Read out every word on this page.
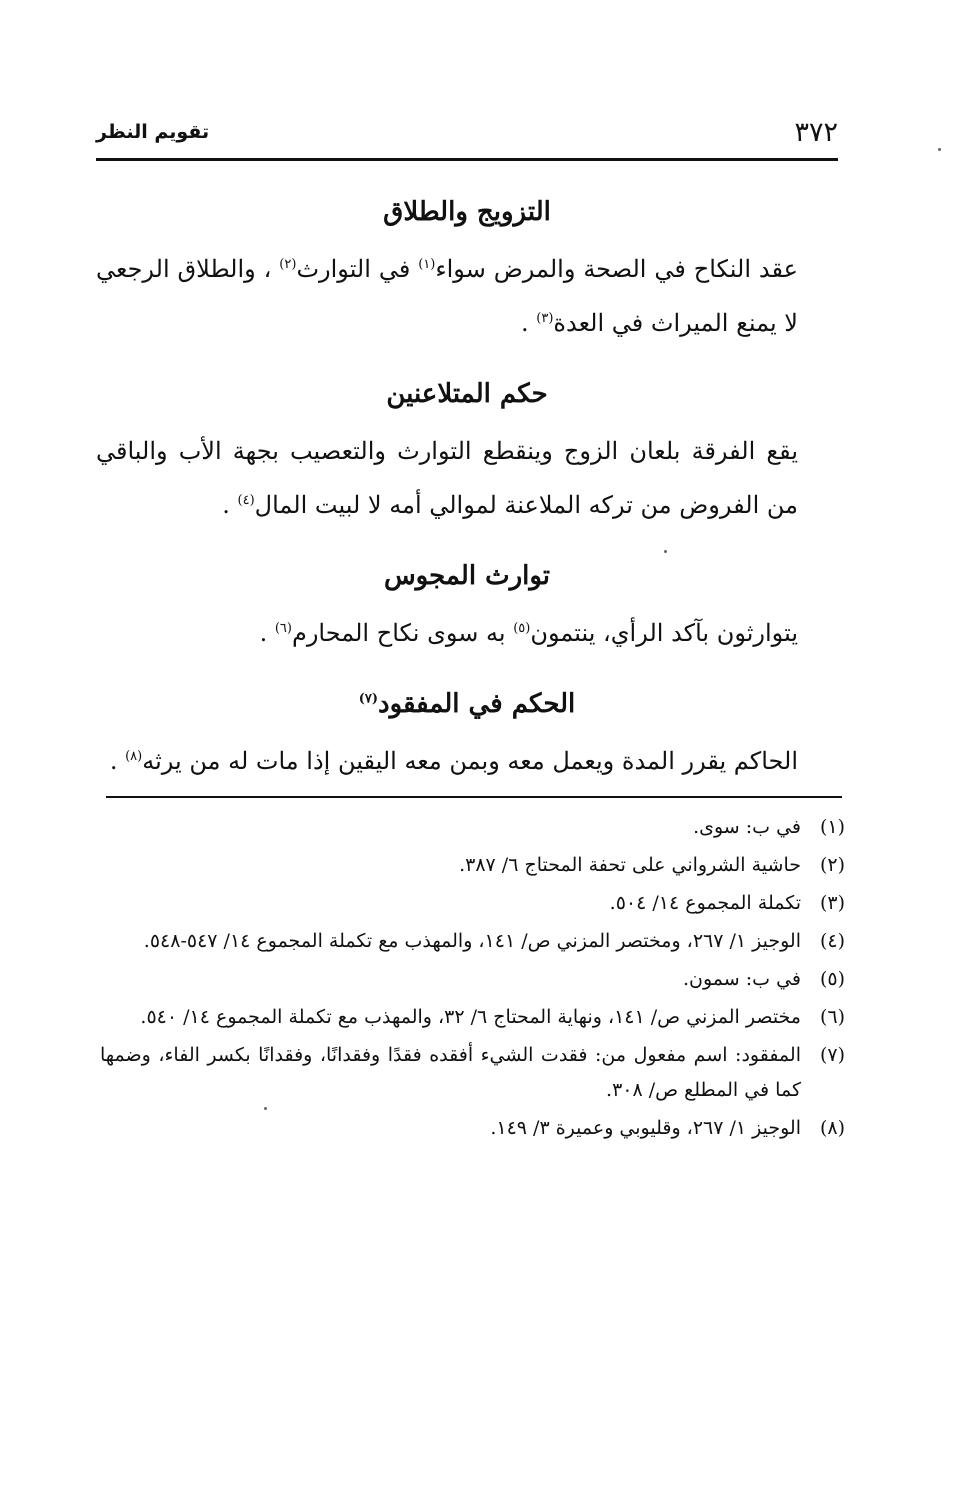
٣٧٢
تقويم النظر
التزويج والطلاق

عقد النكاح في الصحة والمرض سواء$^{(١)}$ في التوارث$^{(٢)}$ ، والطلاق الرجعي لا يمنع الميراث في العدة$^{(٣)}$ .

حكم المتلاعنين

يقع الفرقة بلعان الزوج وينقطع التوارث والتعصيب بجهة الأب والباقي من الفروض من تركه الملاعنة لموالي أمه لا لبيت المال$^{(٤)}$ .

توارث المجوس

يتوارثون بآكد الرأي، ينتمون$^{(٥)}$ به سوى نكاح المحارم$^{(٦)}$ .

الحكم في المفقود$^{(٧)}$

الحاكم يقرر المدة ويعمل معه وبمن معه اليقين إذا مات له من يرثه$^{(٨)}$ .

(١)
في ب: سوى.
(٢)
حاشية الشرواني على تحفة المحتاج ٦/ ٣٨٧.
(٣)
تكملة المجموع ١٤/ ٥٠٤.
(٤)
الوجيز ١/ ٢٦٧، ومختصر المزني ص/ ١٤١، والمهذب مع تكملة المجموع ١٤/ ٥٤٧-٥٤٨.
(٥)
في ب: سمون.
(٦)
مختصر المزني ص/ ١٤١، ونهاية المحتاج ٦/ ٣٢، والمهذب مع تكملة المجموع ١٤/ ٥٤٠.
(٧)
المفقود: اسم مفعول من: فقدت الشيء أفقده فقدًا وفقدانًا، وفقدانًا بكسر الفاء، وضمها كما في المطلع ص/ ٣٠٨.
(٨)
الوجيز ١/ ٢٦٧، وقليوبي وعميرة ٣/ ١٤٩.
